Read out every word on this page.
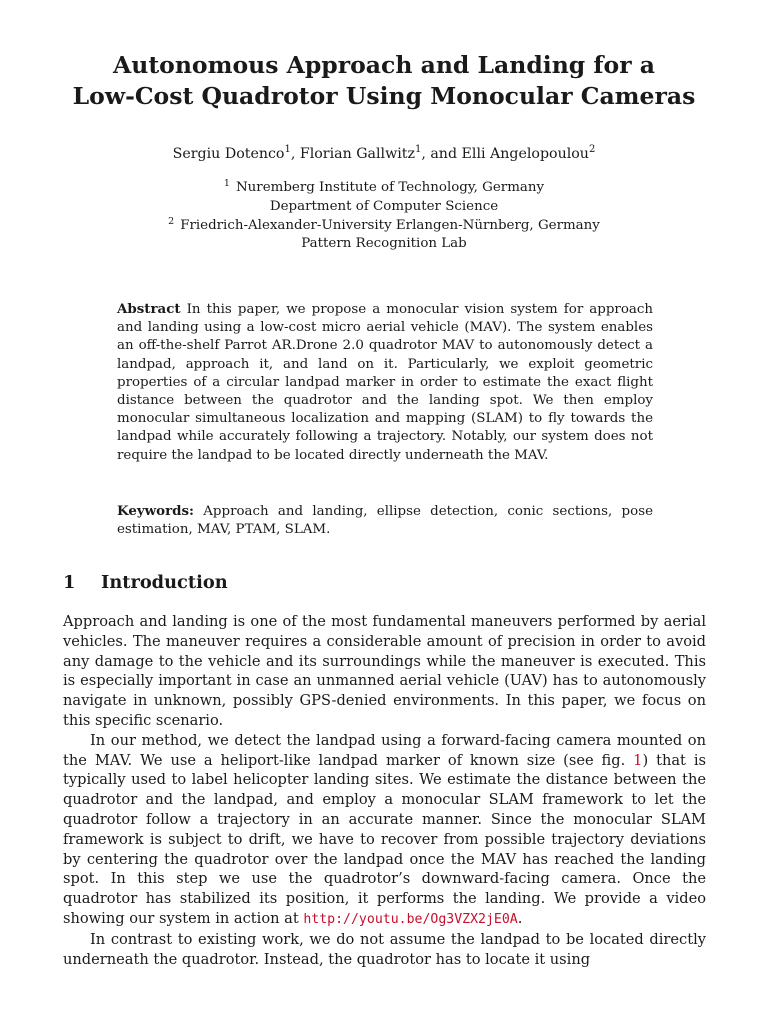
Autonomous Approach and Landing for a
Low-Cost Quadrotor Using Monocular Cameras
Sergiu Dotenco$^1$, Florian Gallwitz$^1$, and Elli Angelopoulou$^2$
$^1$ Nuremberg Institute of Technology, Germany
Department of Computer Science
$^2$ Friedrich-Alexander-University Erlangen-Nürnberg, Germany
Pattern Recognition Lab

Abstract In this paper, we propose a monocular vision system for approach and landing using a low-cost micro aerial vehicle (MAV). The system enables an off-the-shelf Parrot AR.Drone 2.0 quadrotor MAV to autonomously detect a landpad, approach it, and land on it. Particularly, we exploit geometric properties of a circular landpad marker in order to estimate the exact flight distance between the quadrotor and the landing spot. We then employ monocular simultaneous localization and mapping (SLAM) to fly towards the landpad while accurately following a trajectory. Notably, our system does not require the landpad to be located directly underneath the MAV.

Keywords: Approach and landing, ellipse detection, conic sections, pose estimation, MAV, PTAM, SLAM.

1 Introduction

Approach and landing is one of the most fundamental maneuvers performed by aerial vehicles. The maneuver requires a considerable amount of precision in order to avoid any damage to the vehicle and its surroundings while the maneuver is executed. This is especially important in case an unmanned aerial vehicle (UAV) has to autonomously navigate in unknown, possibly GPS-denied environments. In this paper, we focus on this specific scenario.

In our method, we detect the landpad using a forward-facing camera mounted on the MAV. We use a heliport-like landpad marker of known size (see fig. 1) that is typically used to label helicopter landing sites. We estimate the distance between the quadrotor and the landpad, and employ a monocular SLAM framework to let the quadrotor follow a trajectory in an accurate manner. Since the monocular SLAM framework is subject to drift, we have to recover from possible trajectory deviations by centering the quadrotor over the landpad once the MAV has reached the landing spot. In this step we use the quadrotor’s downward-facing camera. Once the quadrotor has stabilized its position, it performs the landing. We provide a video showing our system in action at http://youtu.be/Og3VZX2jE0A.

In contrast to existing work, we do not assume the landpad to be located directly underneath the quadrotor. Instead, the quadrotor has to locate it using
